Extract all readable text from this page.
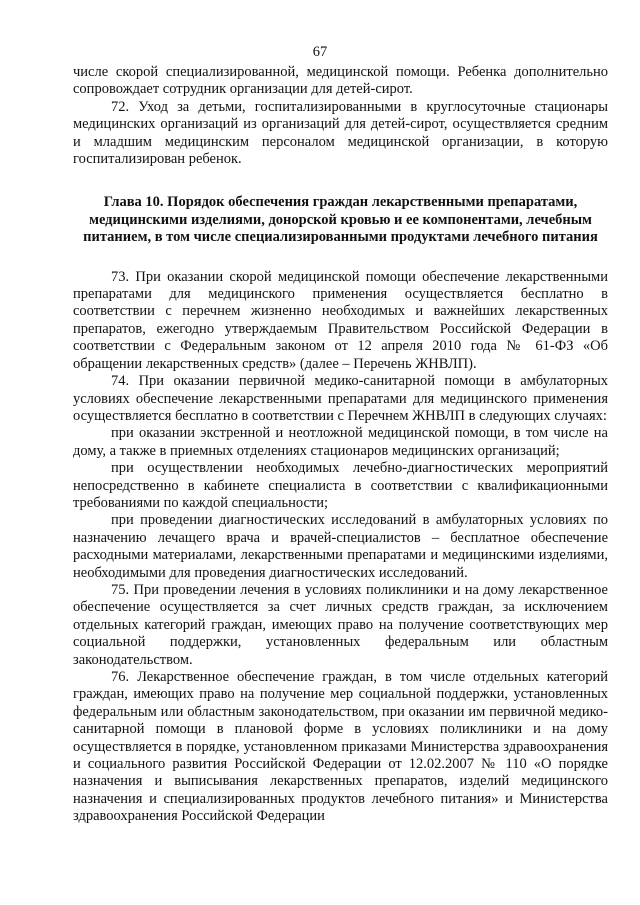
67

числе скорой специализированной, медицинской помощи. Ребенка дополнительно сопровождает сотрудник организации для детей-сирот.

72. Уход за детьми, госпитализированными в круглосуточные стационары медицинских организаций из организаций для детей-сирот, осуществляется средним и младшим медицинским персоналом медицинской организации, в которую госпитализирован ребенок.

Глава 10. Порядок обеспечения граждан лекарственными препаратами, медицинскими изделиями, донорской кровью и ее компонентами, лечебным питанием, в том числе специализированными продуктами лечебного питания

73. При оказании скорой медицинской помощи обеспечение лекарственными препаратами для медицинского применения осуществляется бесплатно в соответствии с перечнем жизненно необходимых и важнейших лекарственных препаратов, ежегодно утверждаемым Правительством Российской Федерации в соответствии с Федеральным законом от 12 апреля 2010 года № 61-ФЗ «Об обращении лекарственных средств» (далее – Перечень ЖНВЛП).

74. При оказании первичной медико-санитарной помощи в амбулаторных условиях обеспечение лекарственными препаратами для медицинского применения осуществляется бесплатно в соответствии с Перечнем ЖНВЛП в следующих случаях:

при оказании экстренной и неотложной медицинской помощи, в том числе на дому, а также в приемных отделениях стационаров медицинских организаций;

при осуществлении необходимых лечебно-диагностических мероприятий непосредственно в кабинете специалиста в соответствии с квалификационными требованиями по каждой специальности;

при проведении диагностических исследований в амбулаторных условиях по назначению лечащего врача и врачей-специалистов – бесплатное обеспечение расходными материалами, лекарственными препаратами и медицинскими изделиями, необходимыми для проведения диагностических исследований.

75. При проведении лечения в условиях поликлиники и на дому лекарственное обеспечение осуществляется за счет личных средств граждан, за исключением отдельных категорий граждан, имеющих право на получение соответствующих мер социальной поддержки, установленных федеральным или областным законодательством.

76. Лекарственное обеспечение граждан, в том числе отдельных категорий граждан, имеющих право на получение мер социальной поддержки, установленных федеральным или областным законодательством, при оказании им первичной медико-санитарной помощи в плановой форме в условиях поликлиники и на дому осуществляется в порядке, установленном приказами Министерства здравоохранения и социального развития Российской Федерации от 12.02.2007 № 110 «О порядке назначения и выписывания лекарственных препаратов, изделий медицинского назначения и специализированных продуктов лечебного питания» и Министерства здравоохранения Российской Федерации
